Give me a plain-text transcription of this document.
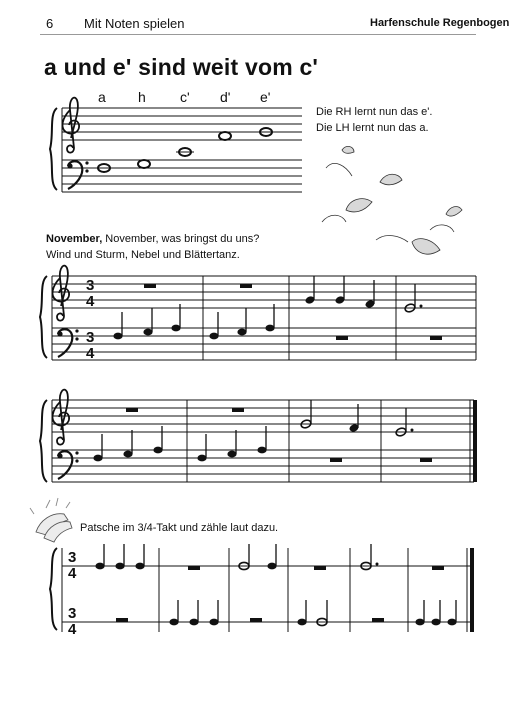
6 Mit Noten spielen	Harfenschule Regenbogen
a und e' sind weit vom c'
a h c' d' e'
Die RH lernt nun das e'.
Die LH lernt nun das a.
November, November, was bringst du uns?
Wind und Sturm, Nebel und Blättertanz.
Patsche im 3/4-Takt und zähle laut dazu.
3
4
3
4
3
4
3
4
